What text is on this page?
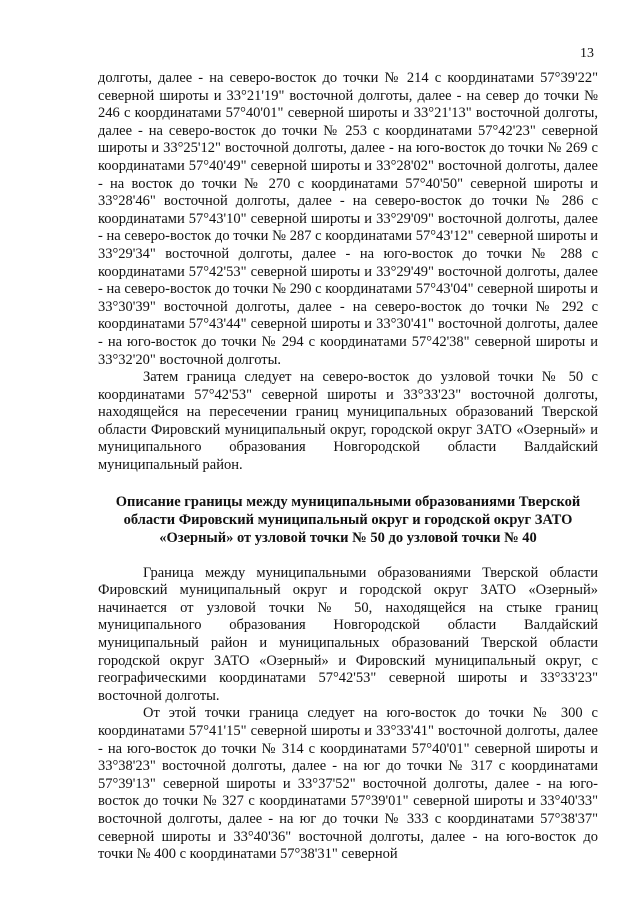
13

долготы, далее - на северо-восток до точки № 214 с координатами 57°39'22" северной широты и 33°21'19" восточной долготы, далее - на север до точки № 246 с координатами 57°40'01" северной широты и 33°21'13" восточной долготы, далее - на северо-восток до точки № 253 с координатами 57°42'23" северной широты и 33°25'12" восточной долготы, далее - на юго-восток до точки № 269 с координатами 57°40'49" северной широты и 33°28'02" восточной долготы, далее - на восток до точки № 270 с координатами 57°40'50" северной широты и 33°28'46" восточной долготы, далее - на северо-восток до точки № 286 с координатами 57°43'10" северной широты и 33°29'09" восточной долготы, далее - на северо-восток до точки № 287 с координатами 57°43'12" северной широты и 33°29'34" восточной долготы, далее - на юго-восток до точки № 288 с координатами 57°42'53" северной широты и 33°29'49" восточной долготы, далее - на северо-восток до точки № 290 с координатами 57°43'04" северной широты и 33°30'39" восточной долготы, далее - на северо-восток до точки № 292 с координатами 57°43'44" северной широты и 33°30'41" восточной долготы, далее - на юго-восток до точки № 294 с координатами 57°42'38" северной широты и 33°32'20" восточной долготы.

Затем граница следует на северо-восток до узловой точки № 50 с координатами 57°42'53" северной широты и 33°33'23" восточной долготы, находящейся на пересечении границ муниципальных образований Тверской области Фировский муниципальный округ, городской округ ЗАТО «Озерный» и муниципального образования Новгородской области Валдайский муниципальный район.

Описание границы между муниципальными образованиями Тверской области Фировский муниципальный округ и городской округ ЗАТО «Озерный» от узловой точки № 50 до узловой точки № 40

Граница между муниципальными образованиями Тверской области Фировский муниципальный округ и городской округ ЗАТО «Озерный» начинается от узловой точки № 50, находящейся на стыке границ муниципального образования Новгородской области Валдайский муниципальный район и муниципальных образований Тверской области городской округ ЗАТО «Озерный» и Фировский муниципальный округ, с географическими координатами 57°42'53" северной широты и 33°33'23" восточной долготы.

От этой точки граница следует на юго-восток до точки № 300 с координатами 57°41'15" северной широты и 33°33'41" восточной долготы, далее - на юго-восток до точки № 314 с координатами 57°40'01" северной широты и 33°38'23" восточной долготы, далее - на юг до точки № 317 с координатами 57°39'13" северной широты и 33°37'52" восточной долготы, далее - на юго-восток до точки № 327 с координатами 57°39'01" северной широты и 33°40'33" восточной долготы, далее - на юг до точки № 333 с координатами 57°38'37" северной широты и 33°40'36" восточной долготы, далее - на юго-восток до точки № 400 с координатами 57°38'31" северной
